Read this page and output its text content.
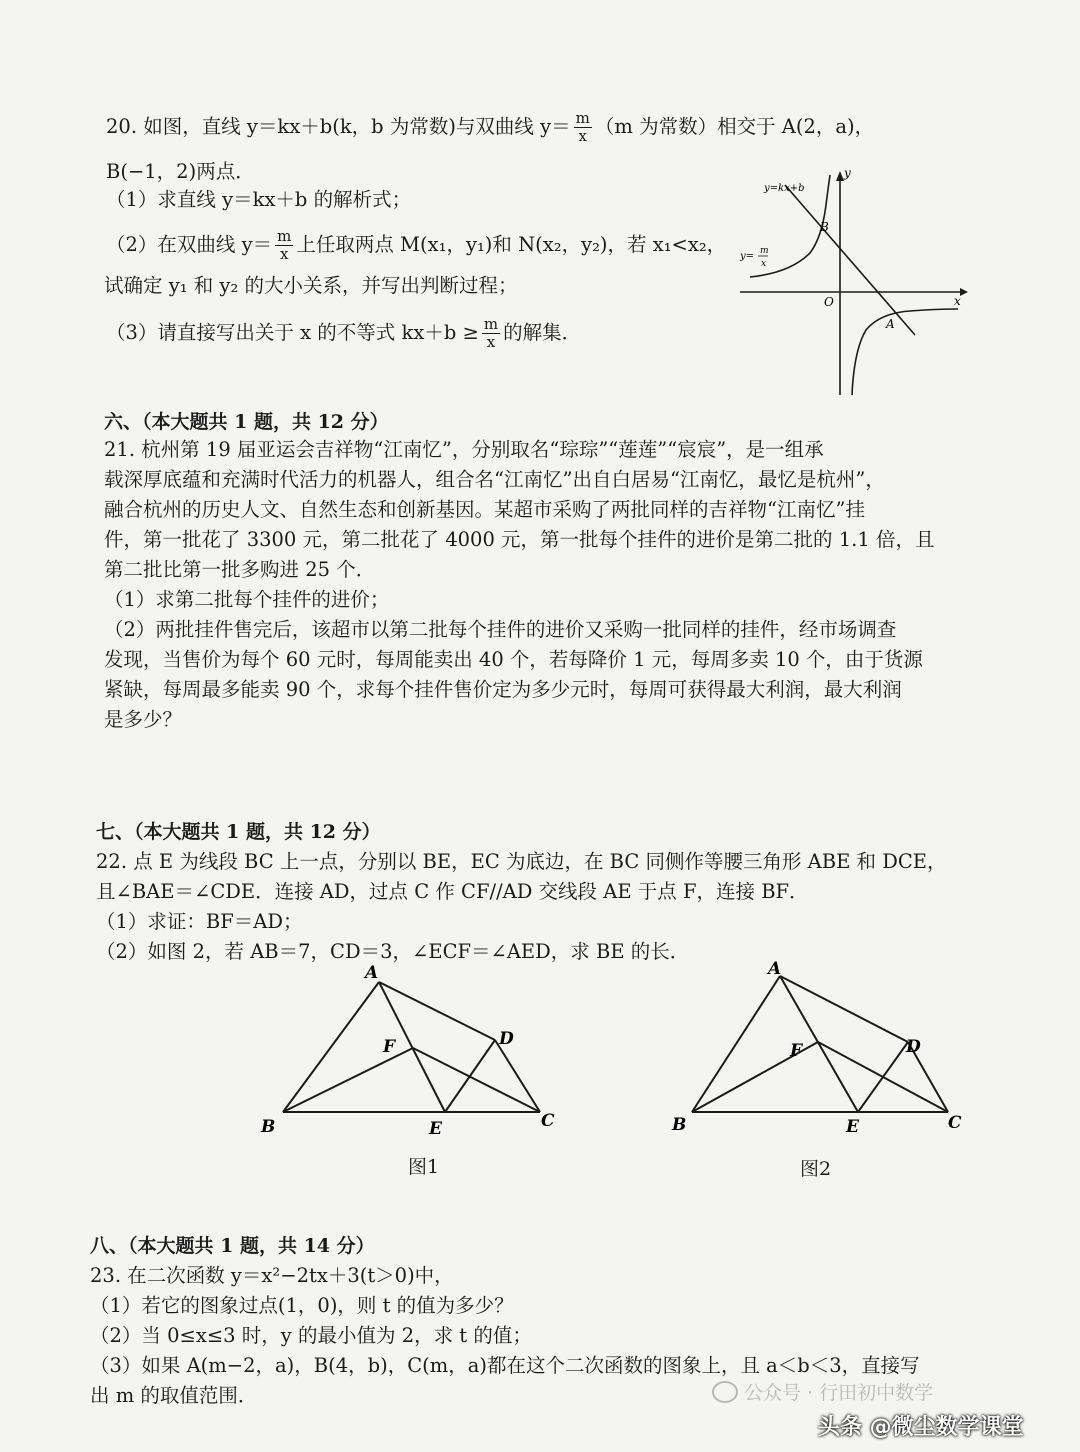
20. 如图，直线 y＝kx＋b(k，b 为常数)与双曲线 $y= \frac{m}{x} (m$ 为常数）相交于 A(2，a)，
B(−1，2)两点．
（1）求直线 y＝kx＋b 的解析式；
（2）在双曲线 $y= \frac{m}{x}$ 上任取两点 M(x₁，y₁)和 N(x₂，y₂)，若 x₁<x₂，
试确定 y₁ 和 y₂ 的大小关系，并写出判断过程；
（3）请直接写出关于 x 的不等式 $kx+b \ge \frac{m}{x}$ 的解集．
y=kx+b
y= m
x
y
x
O
B
A
六、（本大题共 1 题，共 12 分）
21. 杭州第 19 届亚运会吉祥物“江南忆”，分别取名“琮琮”“莲莲”“宸宸”，是一组承
载深厚底蕴和充满时代活力的机器人，组合名“江南忆”出自白居易“江南忆，最忆是杭州”，
融合杭州的历史人文、自然生态和创新基因。某超市采购了两批同样的吉祥物“江南忆”挂
件，第一批花了 3300 元，第二批花了 4000 元，第一批每个挂件的进价是第二批的 1.1 倍，且
第二批比第一批多购进 25 个．
（1）求第二批每个挂件的进价；
（2）两批挂件售完后，该超市以第二批每个挂件的进价又采购一批同样的挂件，经市场调查
发现，当售价为每个 60 元时，每周能卖出 40 个，若每降价 1 元，每周多卖 10 个，由于货源
紧缺，每周最多能卖 90 个，求每个挂件售价定为多少元时，每周可获得最大利润，最大利润
是多少？
七、（本大题共 1 题，共 12 分）
22. 点 E 为线段 BC 上一点，分别以 BE，EC 为底边，在 BC 同侧作等腰三角形 ABE 和 DCE，
且∠BAE＝∠CDE．连接 AD，过点 C 作 CF//AD 交线段 AE 于点 F，连接 BF．
（1）求证：BF＝AD；
（2）如图 2，若 AB＝7，CD＝3，∠ECF＝∠AED，求 BE 的长．
A
B	C
D
E
F
图1
A
B	C
D
E
F
图2
八、（本大题共 1 题，共 14 分）
23. 在二次函数 y＝x²−2tx＋3(t＞0)中，
（1）若它的图象过点(1，0)，则 t 的值为多少？
（2）当 0≤x≤3 时，y 的最小值为 2，求 t 的值；
（3）如果 A(m−2，a)，B(4，b)，C(m，a)都在这个二次函数的图象上，且 a＜b＜3，直接写
出 m 的取值范围．	公众号 · 行田初中数学
头条 @微尘数学课堂
